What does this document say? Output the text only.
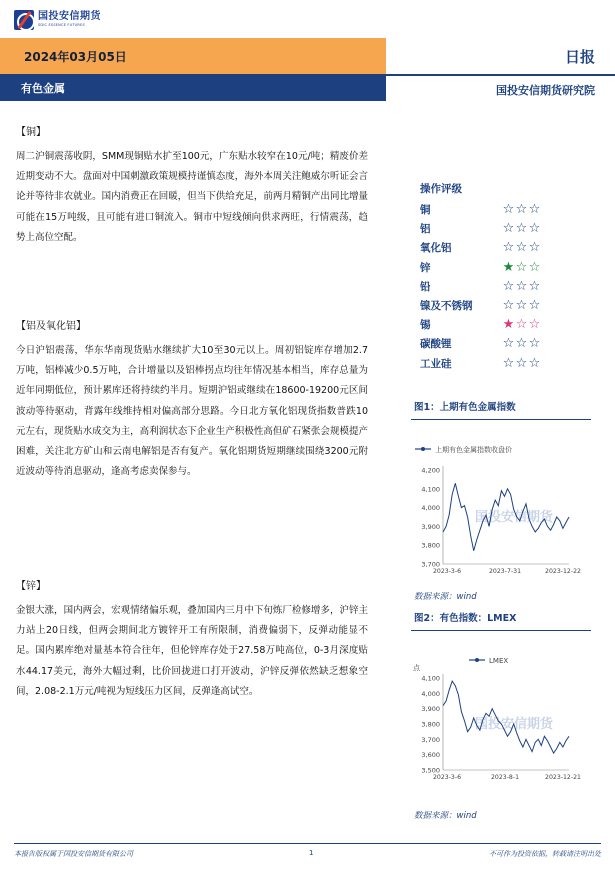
国投安信期货
SDIC ESSENCE FUTURES
2024年03月05日
有色金属
日报
国投安信期货研究院
【铜】
周二沪铜震荡收阴，SMM现铜贴水扩至100元，广东贴水较窄在10元/吨；精废价差近期变动不大。盘面对中国刺激政策规模持谨慎态度，海外本周关注鲍威尔听证会言论并等待非农就业。国内消费正在回暖，但当下供给充足，前两月精铜产出同比增量可能在15万吨级，且可能有进口铜流入。铜市中短线倾向供求两旺，行情震荡，趋势上高位空配。
【铝及氧化铝】
今日沪铝震荡，华东华南现货贴水继续扩大10至30元以上。周初铝锭库存增加2.7万吨，铝棒减少0.5万吨，合计增量以及铝棒拐点均往年情况基本相当，库存总量为近年同期低位，预计累库还将持续约半月。短期沪铝或继续在18600-19200元区间波动等待驱动，背露年线维持相对偏高部分思路。今日北方氧化铝现货指数普跌10元左右，现货贴水成交为主，高利润状态下企业生产积极性高但矿石紧张会规模提产困难，关注北方矿山和云南电解铝是否有复产。氧化铝期货短期继续围绕3200元附近波动等待消息驱动，逢高考虑卖保参与。
【锌】
金银大涨，国内两会，宏观情绪偏乐观，叠加国内三月中下旬炼厂检修增多，沪锌主力站上20日线，但两会期间北方镀锌开工有所限制，消费偏弱下，反弹动能显不足。国内累库绝对量基本符合往年，但伦锌库存处于27.58万吨高位，0-3月深度贴水44.17美元，海外大幅过剩，比价回拢进口打开波动，沪锌反弹依然缺乏想象空间，2.08-2.1万元/吨视为短线压力区间，反弹逢高试空。
操作评级
铜	☆ ☆ ☆
铝	☆ ☆ ☆
氧化铝	☆ ☆ ☆
锌	★ ☆ ☆
铅	☆ ☆ ☆
镍及不锈钢	☆ ☆ ☆
锡	★ ☆ ☆
碳酸锂	☆ ☆ ☆
工业硅	☆ ☆ ☆
图1：上期有色金属指数
上期有色金属指数收盘价
国投安信期货
4,200
4,100
4,000
3,900
3,800
3,700
2023-3-6	2023-7-31	2023-12-22
数据来源：wind
图2：有色指数：LMEX
LMEX
点
国投安信期货
4,100
4,000
3,900
3,800
3,700
3,600
3,500
2023-3-6	2023-8-1	2023-12-21
数据来源：wind
本报告版权属于国投安信期货有限公司	1	不可作为投资依据，转载请注明出处
